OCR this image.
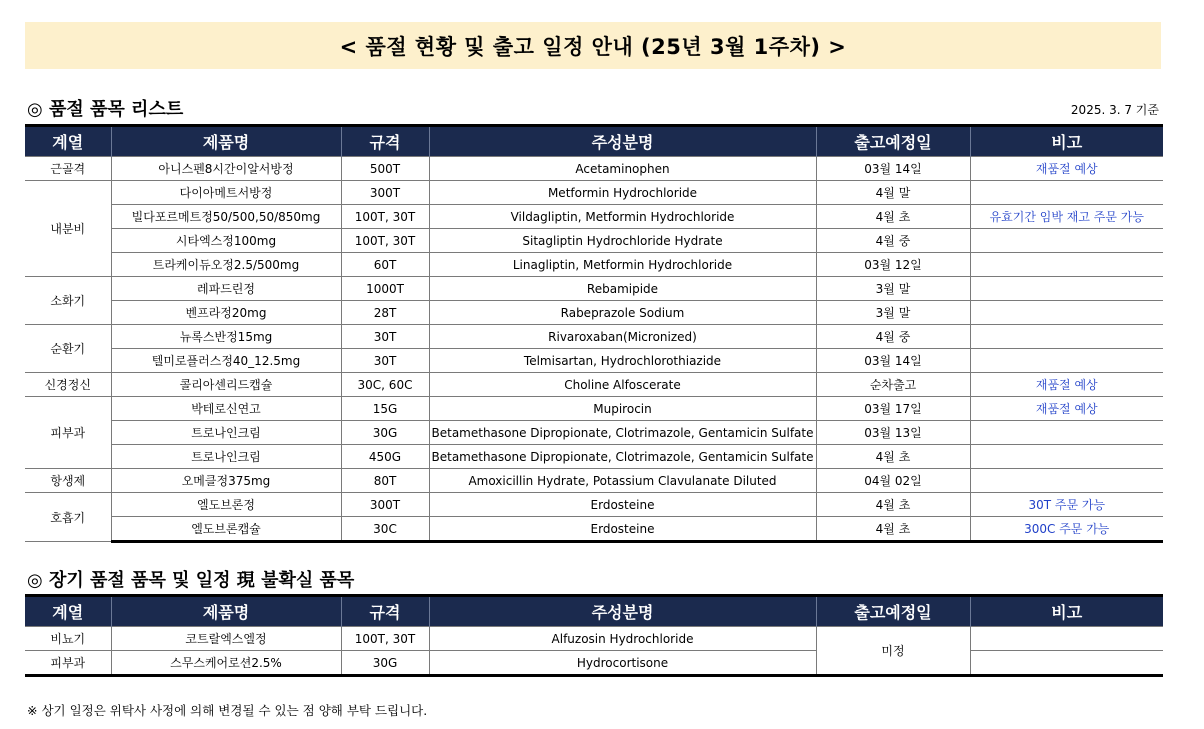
< 품절 현황 및 출고 일정 안내 (25년 3월 1주차) >
◎ 품절 품목 리스트	2025. 3. 7 기준
계열	제품명	규격	주성분명	출고예정일	비고
근골격	아니스펜8시간이알서방정	500T	Acetaminophen	03월 14일	재품절 예상
내분비	다이아메트서방정	300T	Metformin Hydrochloride	4월 말	
	빌다포르메트정50/500,50/850mg	100T, 30T	Vildagliptin, Metformin Hydrochloride	4월 초	유효기간 임박 재고 주문 가능
	시타엑스정100mg	100T, 30T	Sitagliptin Hydrochloride Hydrate	4월 중	
	트라케이듀오정2.5/500mg	60T	Linagliptin, Metformin Hydrochloride	03월 12일	
소화기	레파드린정	1000T	Rebamipide	3월 말	
	벤프라정20mg	28T	Rabeprazole Sodium	3월 말	
순환기	뉴록스반정15mg	30T	Rivaroxaban(Micronized)	4월 중	
	텔미로플러스정40_12.5mg	30T	Telmisartan, Hydrochlorothiazide	03월 14일	
신경정신	콜리아센리드캡슐	30C, 60C	Choline Alfoscerate	순차출고	재품절 예상
피부과	박테로신연고	15G	Mupirocin	03월 17일	재품절 예상
	트로나인크림	30G	Betamethasone Dipropionate, Clotrimazole, Gentamicin Sulfate	03월 13일	
	트로나인크림	450G	Betamethasone Dipropionate, Clotrimazole, Gentamicin Sulfate	4월 초	
항생제	오메클정375mg	80T	Amoxicillin Hydrate, Potassium Clavulanate Diluted	04월 02일	
호흡기	엘도브론정	300T	Erdosteine	4월 초	30T 주문 가능
	엘도브론캡슐	30C	Erdosteine	4월 초	300C 주문 가능
◎ 장기 품절 품목 및 일정 現 불확실 품목
계열	제품명	규격	주성분명	출고예정일	비고
비뇨기	코트랄엑스엘정	100T, 30T	Alfuzosin Hydrochloride	미정	
피부과	스무스케어로션2.5%	30G	Hydrocortisone		
※ 상기 일정은 위탁사 사정에 의해 변경될 수 있는 점 양해 부탁 드립니다.
